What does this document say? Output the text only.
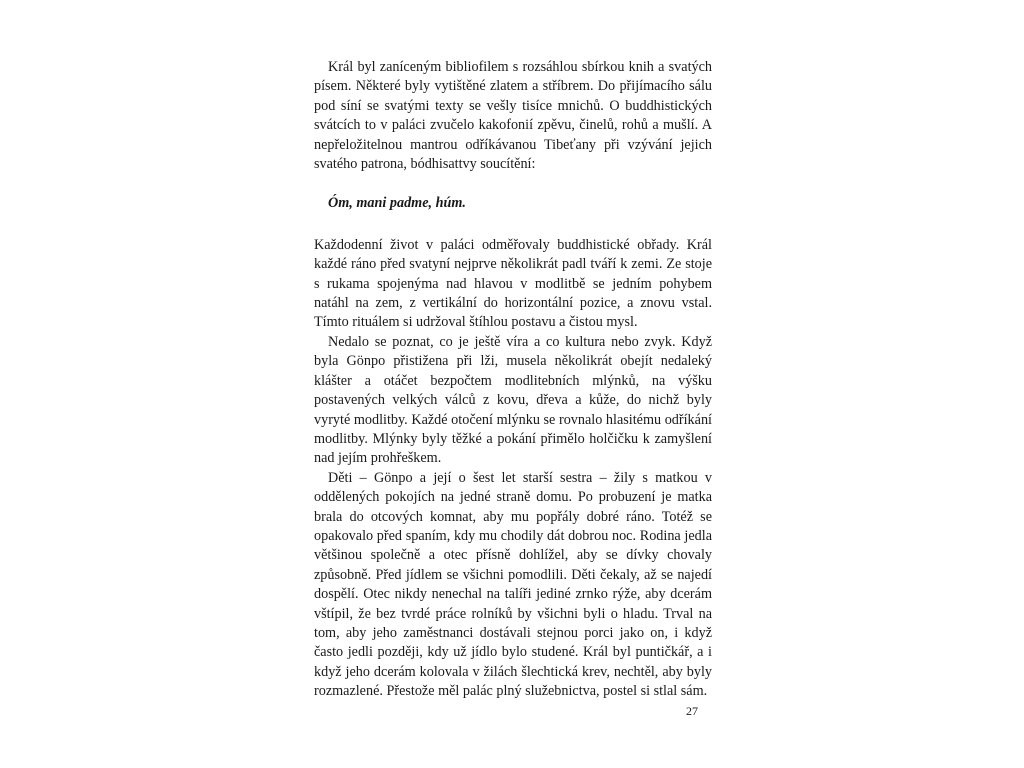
Král byl zaníceným bibliofilem s rozsáhlou sbírkou knih a svatých písem. Některé byly vytištěné zlatem a stříbrem. Do přijímacího sálu pod síní se svatými texty se vešly tisíce mnichů. O buddhistických svátcích to v paláci zvučelo kakofonií zpěvu, činelů, rohů a mušlí. A nepřeložitelnou mantrou odříkávanou Tibeťany při vzývání jejich svatého patrona, bódhisattvy soucítění:

Óm, mani padme, húm.

Každodenní život v paláci odměřovaly buddhistické obřady. Král každé ráno před svatyní nejprve několikrát padl tváří k zemi. Ze stoje s rukama spojenýma nad hlavou v modlitbě se jedním pohybem natáhl na zem, z vertikální do horizontální pozice, a znovu vstal. Tímto rituálem si udržoval štíhlou postavu a čistou mysl.

Nedalo se poznat, co je ještě víra a co kultura nebo zvyk. Když byla Gönpo přistižena při lži, musela několikrát obejít nedaleký klášter a otáčet bezpočtem modlitebních mlýnků, na výšku postavených velkých válců z kovu, dřeva a kůže, do nichž byly vyryté modlitby. Každé otočení mlýnku se rovnalo hlasitému odříkání modlitby. Mlýnky byly těžké a pokání přimělo holčičku k zamyšlení nad jejím prohřeškem.

Děti – Gönpo a její o šest let starší sestra – žily s matkou v oddělených pokojích na jedné straně domu. Po probuzení je matka brala do otcových komnat, aby mu popřály dobré ráno. Totéž se opakovalo před spaním, kdy mu chodily dát dobrou noc. Rodina jedla většinou společně a otec přísně dohlížel, aby se dívky chovaly způsobně. Před jídlem se všichni pomodlili. Děti čekaly, až se najedí dospělí. Otec nikdy nenechal na talíři jediné zrnko rýže, aby dcerám vštípil, že bez tvrdé práce rolníků by všichni byli o hladu. Trval na tom, aby jeho zaměstnanci dostávali stejnou porci jako on, i když často jedli později, kdy už jídlo bylo studené. Král byl puntičkář, a i když jeho dcerám kolovala v žilách šlechtická krev, nechtěl, aby byly rozmazlené. Přestože měl palác plný služebnictva, postel si stlal sám.

27
